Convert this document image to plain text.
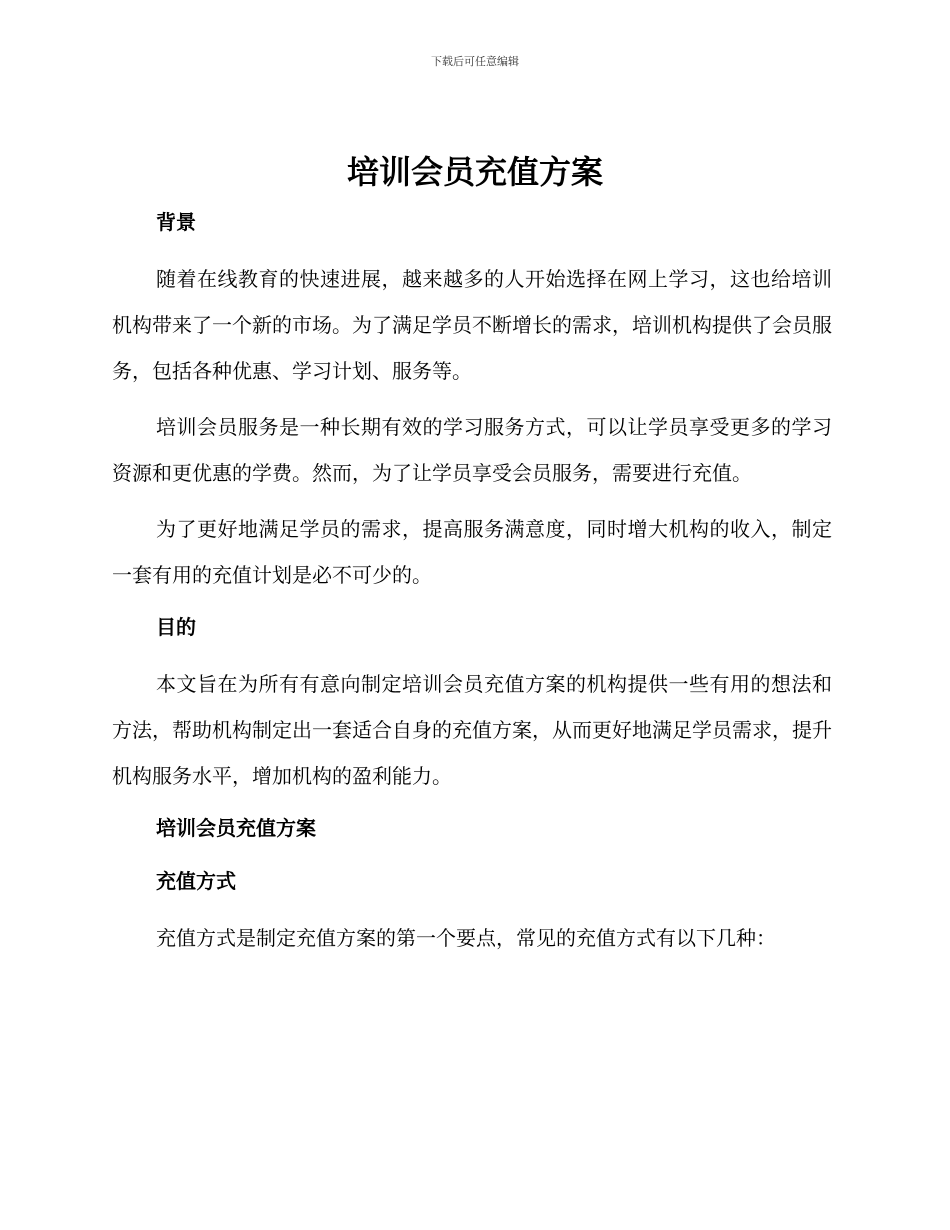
下载后可任意编辑
培训会员充值方案
背景

随着在线教育的快速进展，越来越多的人开始选择在网上学习，这也给培训机构带来了一个新的市场。为了满足学员不断增长的需求，培训机构提供了会员服务，包括各种优惠、学习计划、服务等。

培训会员服务是一种长期有效的学习服务方式，可以让学员享受更多的学习资源和更优惠的学费。然而，为了让学员享受会员服务，需要进行充值。

为了更好地满足学员的需求，提高服务满意度，同时增大机构的收入，制定一套有用的充值计划是必不可少的。

目的

本文旨在为所有有意向制定培训会员充值方案的机构提供一些有用的想法和方法，帮助机构制定出一套适合自身的充值方案，从而更好地满足学员需求，提升机构服务水平，增加机构的盈利能力。

培训会员充值方案
充值方式

充值方式是制定充值方案的第一个要点，常见的充值方式有以下几种：
